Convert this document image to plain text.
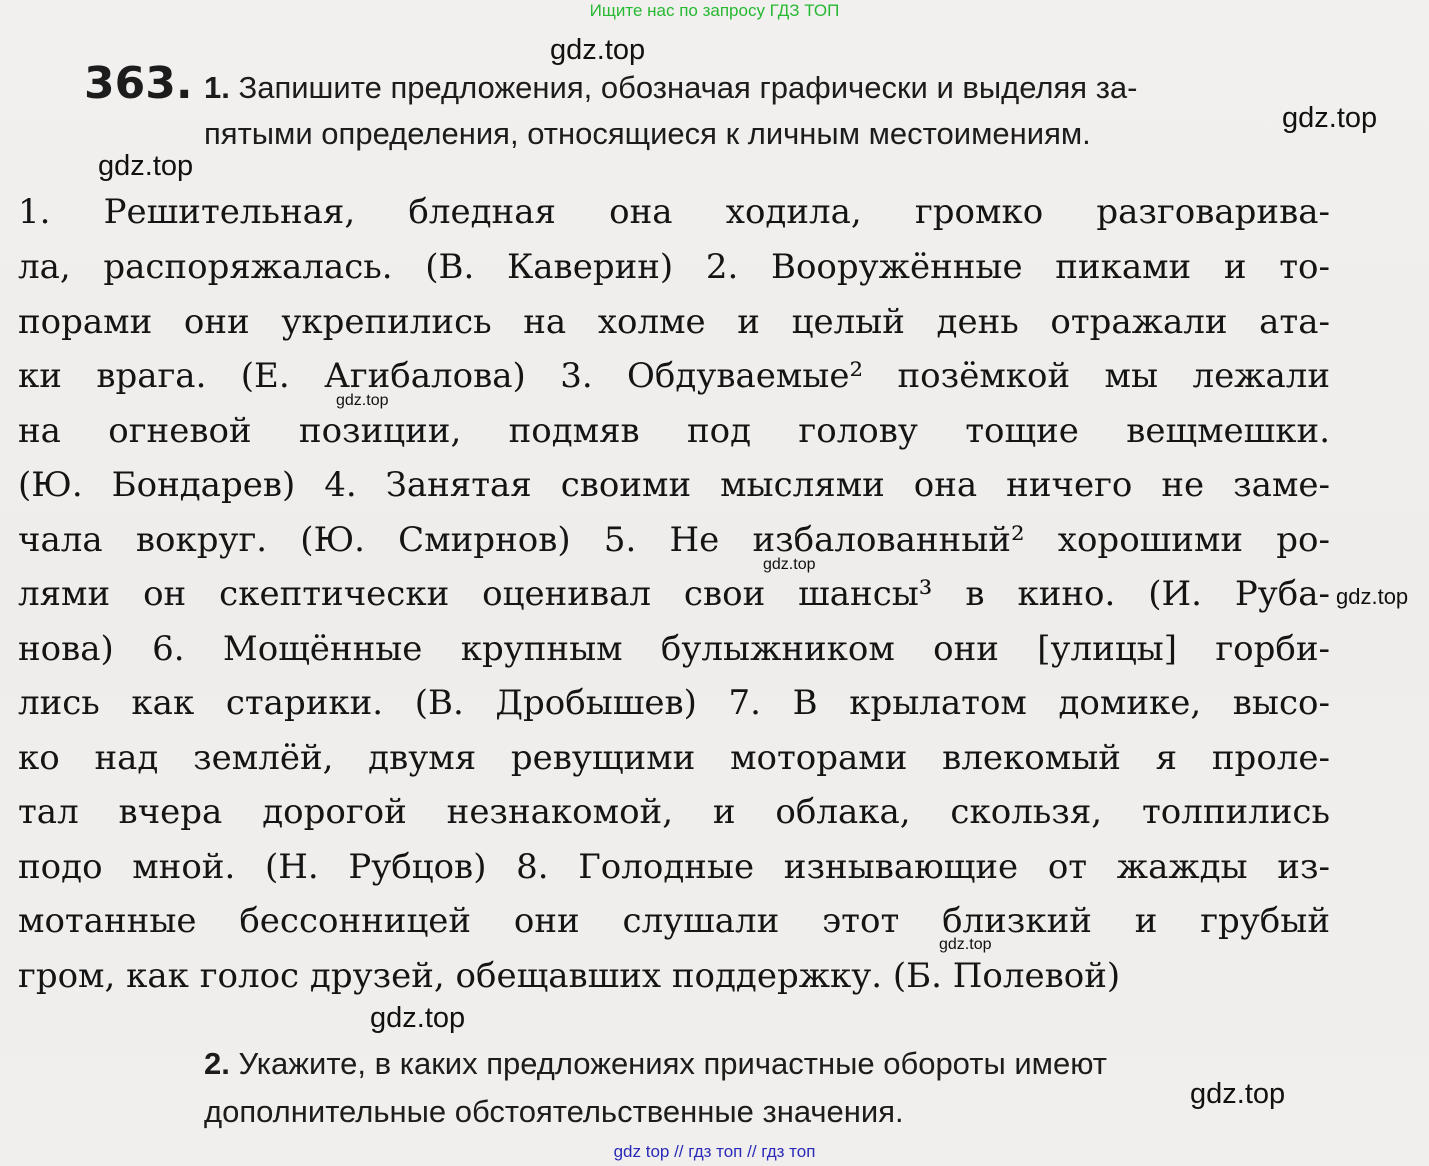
Ищите нас по запросу ГДЗ ТОП
gdz.top
gdz.top
gdz.top
gdz.top
gdz.top
gdz.top
gdz.top
gdz.top
gdz.top
363. 1. Запишите предложения, обозначая графически и выделяя за-
пятыми определения, относящиеся к личным местоимениям.
1. Решительная, бледная она ходила, громко разговарива-
ла, распоряжалась. (В. Каверин) 2. Вооружённые пиками и то-
порами они укрепились на холме и целый день отражали ата-
ки врага. (Е. Агибалова) 3. Обдуваемые² позёмкой мы лежали
на огневой позиции, подмяв под голову тощие вещмешки.
(Ю. Бондарев) 4. Занятая своими мыслями она ничего не заме-
чала вокруг. (Ю. Смирнов) 5. Не избалованный² хорошими ро-
лями он скептически оценивал свои шансы³ в кино. (И. Руба-
нова) 6. Мощённые крупным булыжником они [улицы] горби-
лись как старики. (В. Дробышев) 7. В крылатом домике, высо-
ко над землёй, двумя ревущими моторами влекомый я проле-
тал вчера дорогой незнакомой, и облака, скользя, толпились
подо мной. (Н. Рубцов) 8. Голодные изнывающие от жажды из-
мотанные бессонницей они слушали этот близкий и грубый
гром, как голос друзей, обещавших поддержку. (Б. Полевой)
2. Укажите, в каких предложениях причастные обороты имеют
дополнительные обстоятельственные значения.
gdz top // гдз топ // гдз топ
